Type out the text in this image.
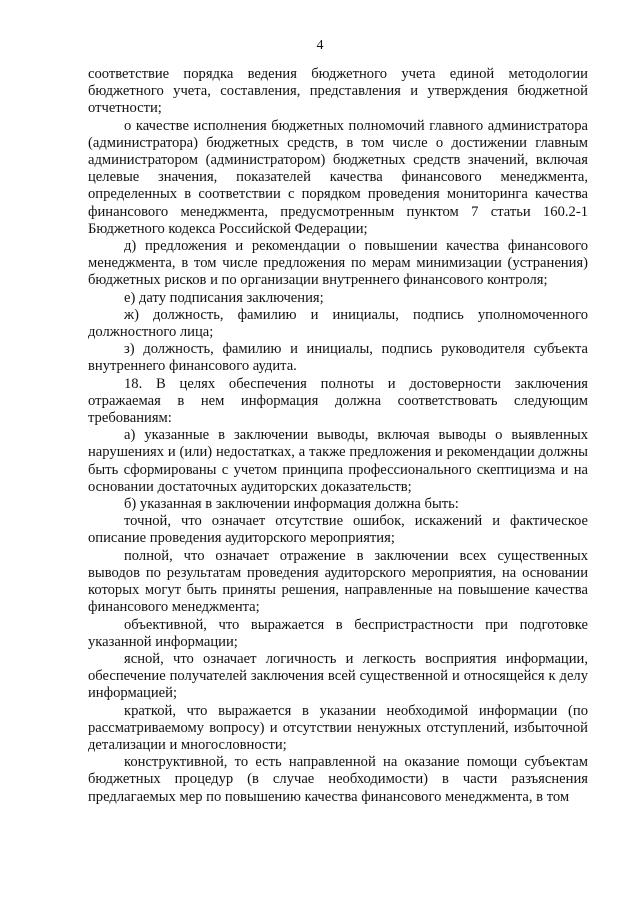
4

соответствие порядка ведения бюджетного учета единой методологии бюджетного учета, составления, представления и утверждения бюджетной отчетности;

о качестве исполнения бюджетных полномочий главного администратора (администратора) бюджетных средств, в том числе о достижении главным администратором (администратором) бюджетных средств значений, включая целевые значения, показателей качества финансового менеджмента, определенных в соответствии с порядком проведения мониторинга качества финансового менеджмента, предусмотренным пунктом 7 статьи 160.2-1 Бюджетного кодекса Российской Федерации;

д) предложения и рекомендации о повышении качества финансового менеджмента, в том числе предложения по мерам минимизации (устранения) бюджетных рисков и по организации внутреннего финансового контроля;

е) дату подписания заключения;

ж) должность, фамилию и инициалы, подпись уполномоченного должностного лица;

з) должность, фамилию и инициалы, подпись руководителя субъекта внутреннего финансового аудита.

18. В целях обеспечения полноты и достоверности заключения отражаемая в нем информация должна соответствовать следующим требованиям:

а) указанные в заключении выводы, включая выводы о выявленных нарушениях и (или) недостатках, а также предложения и рекомендации должны быть сформированы с учетом принципа профессионального скептицизма и на основании достаточных аудиторских доказательств;

б) указанная в заключении информация должна быть:

точной, что означает отсутствие ошибок, искажений и фактическое описание проведения аудиторского мероприятия;

полной, что означает отражение в заключении всех существенных выводов по результатам проведения аудиторского мероприятия, на основании которых могут быть приняты решения, направленные на повышение качества финансового менеджмента;

объективной, что выражается в беспристрастности при подготовке указанной информации;

ясной, что означает логичность и легкость восприятия информации, обеспечение получателей заключения всей существенной и относящейся к делу информацией;

краткой, что выражается в указании необходимой информации (по рассматриваемому вопросу) и отсутствии ненужных отступлений, избыточной детализации и многословности;

конструктивной, то есть направленной на оказание помощи субъектам бюджетных процедур (в случае необходимости) в части разъяснения предлагаемых мер по повышению качества финансового менеджмента, в том
